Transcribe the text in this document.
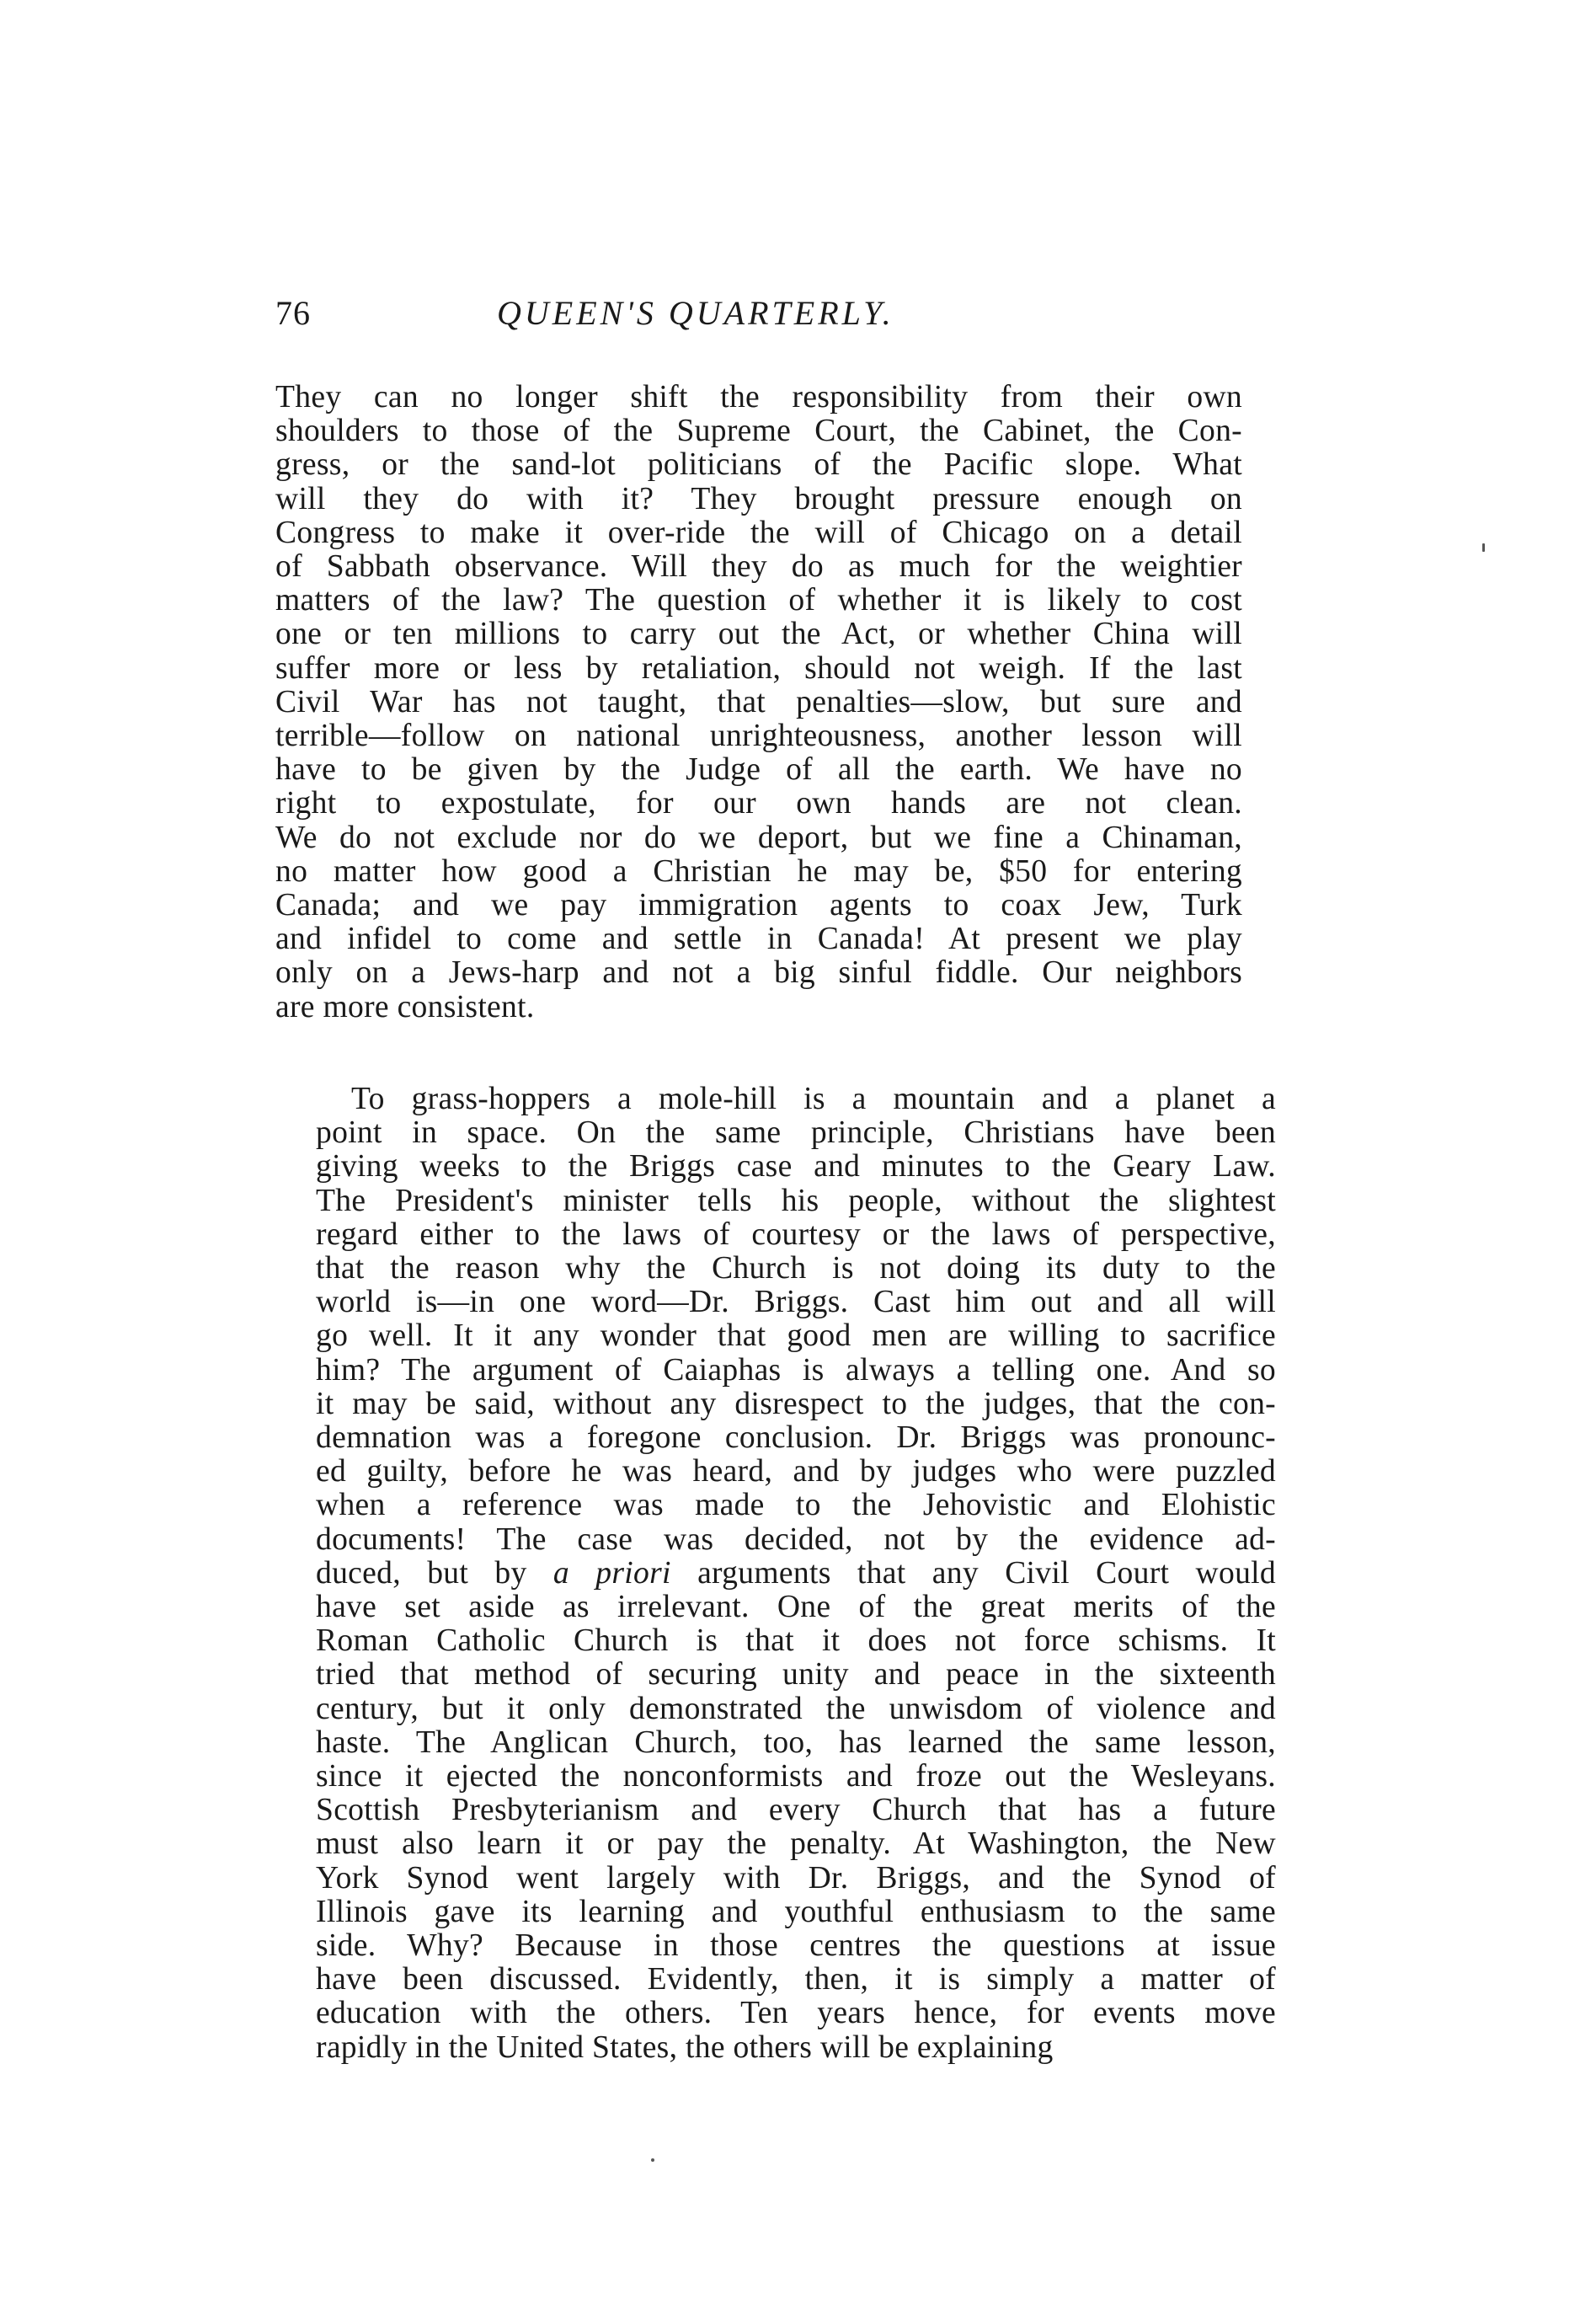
76	QUEEN'S QUARTERLY.
They can no longer shift the responsibility from their own
shoulders to those of the Supreme Court, the Cabinet, the Con-
gress, or the sand-lot politicians of the Pacific slope. What
will they do with it? They brought pressure enough on
Congress to make it over-ride the will of Chicago on a detail
of Sabbath observance. Will they do as much for the weightier
matters of the law? The question of whether it is likely to cost
one or ten millions to carry out the Act, or whether China will
suffer more or less by retaliation, should not weigh. If the last
Civil War has not taught, that penalties—slow, but sure and
terrible—follow on national unrighteousness, another lesson will
have to be given by the Judge of all the earth. We have no
right to expostulate, for our own hands are not clean.
We do not exclude nor do we deport, but we fine a Chinaman,
no matter how good a Christian he may be, $50 for entering
Canada; and we pay immigration agents to coax Jew, Turk
and infidel to come and settle in Canada! At present we play
only on a Jews-harp and not a big sinful fiddle. Our neighbors
are more consistent.
To grass-hoppers a mole-hill is a mountain and a planet a
point in space. On the same principle, Christians have been
giving weeks to the Briggs case and minutes to the Geary Law.
The President's minister tells his people, without the slightest
regard either to the laws of courtesy or the laws of perspective,
that the reason why the Church is not doing its duty to the
world is—in one word—Dr. Briggs. Cast him out and all will
go well. It it any wonder that good men are willing to sacrifice
him? The argument of Caiaphas is always a telling one. And so
it may be said, without any disrespect to the judges, that the con-
demnation was a foregone conclusion. Dr. Briggs was pronounc-
ed guilty, before he was heard, and by judges who were puzzled
when a reference was made to the Jehovistic and Elohistic
documents! The case was decided, not by the evidence ad-
duced, but by a priori arguments that any Civil Court would
have set aside as irrelevant. One of the great merits of the
Roman Catholic Church is that it does not force schisms. It
tried that method of securing unity and peace in the sixteenth
century, but it only demonstrated the unwisdom of violence and
haste. The Anglican Church, too, has learned the same lesson,
since it ejected the nonconformists and froze out the Wesleyans.
Scottish Presbyterianism and every Church that has a future
must also learn it or pay the penalty. At Washington, the New
York Synod went largely with Dr. Briggs, and the Synod of
Illinois gave its learning and youthful enthusiasm to the same
side. Why? Because in those centres the questions at issue
have been discussed. Evidently, then, it is simply a matter of
education with the others. Ten years hence, for events move
rapidly in the United States, the others will be explaining
